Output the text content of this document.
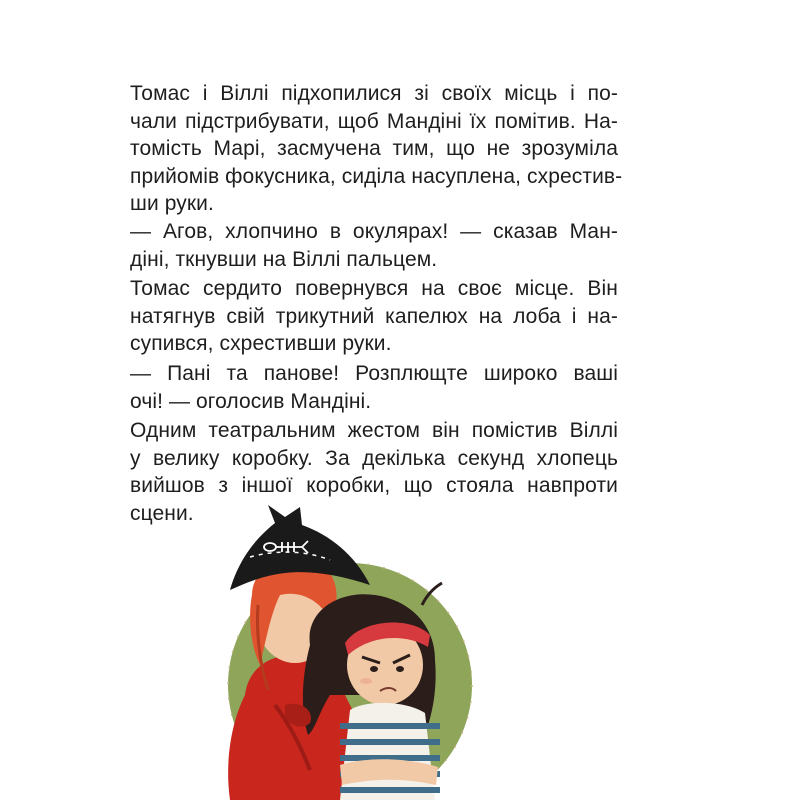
Томас і Віллі підхопилися зі своїх місць і по-
чали підстрибувати, щоб Мандіні їх помітив. На-
томість Марі, засмучена тим, що не зрозуміла
прийомів фокусника, сиділа насуплена, схрестив-
ши руки.
— Агов, хлопчино в окулярах! — сказав Ман-
діні, ткнувши на Віллі пальцем.
Томас сердито повернувся на своє місце. Він
натягнув свій трикутний капелюх на лоба і на-
супився, схрестивши руки.
— Пані та панове! Розплющте широко ваші
очі! — оголосив Мандіні.
Одним театральним жестом він помістив Віллі
у велику коробку. За декілька секунд хлопець
вийшов з іншої коробки, що стояла навпроти
сцени.
